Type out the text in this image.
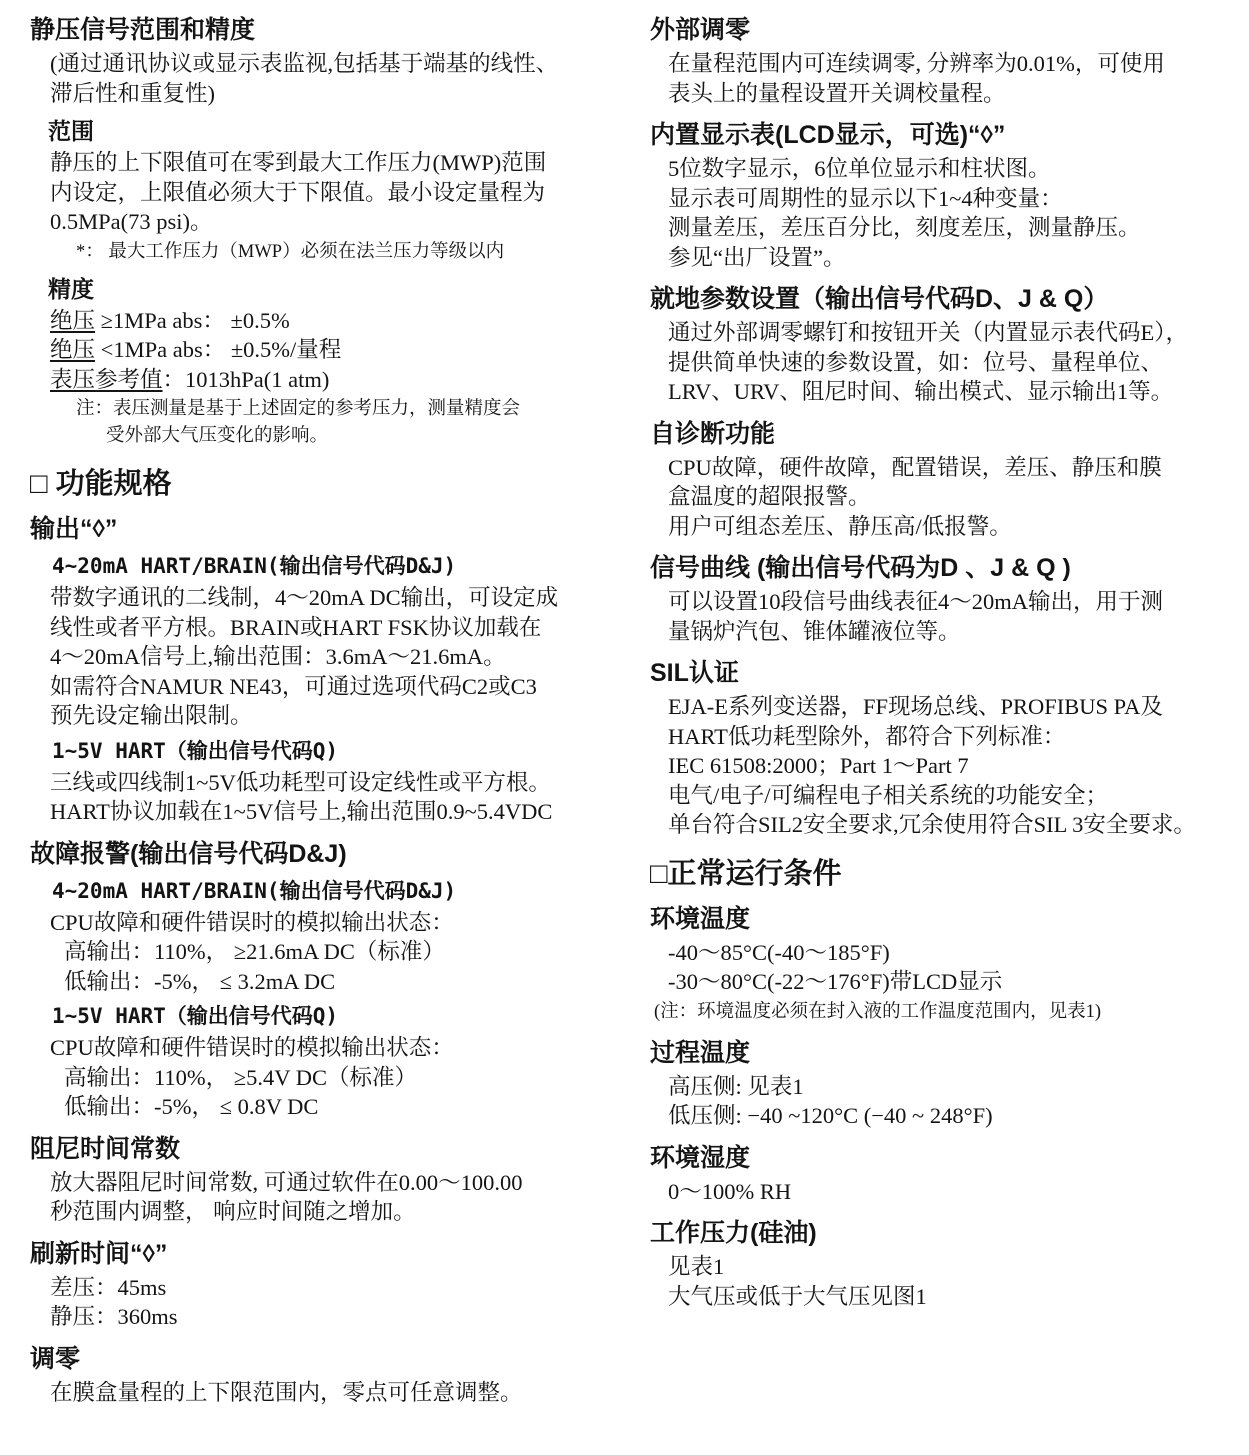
静压信号范围和精度
(通过通讯协议或显示表监视,包括基于端基的线性、
滞后性和重复性)
范围
静压的上下限值可在零到最大工作压力(MWP)范围
内设定，上限值必须大于下限值。最小设定量程为
0.5MPa(73 psi)。
*： 最大工作压力（MWP）必须在法兰压力等级以内
精度
绝压 ≥1MPa abs： ±0.5%
绝压 <1MPa abs： ±0.5%/量程
表压参考值：1013hPa(1 atm)
注：表压测量是基于上述固定的参考压力，测量精度会
受外部大气压变化的影响。
□ 功能规格
输出“◊”
4~20mA HART/BRAIN(输出信号代码D&J)
带数字通讯的二线制，4～20mA DC输出，可设定成
线性或者平方根。BRAIN或HART FSK协议加载在
4～20mA信号上,输出范围：3.6mA～21.6mA。
如需符合NAMUR NE43，可通过选项代码C2或C3
预先设定输出限制。
1~5V HART（输出信号代码Q)
三线或四线制1~5V低功耗型可设定线性或平方根。
HART协议加载在1~5V信号上,输出范围0.9~5.4VDC
故障报警(输出信号代码D&J)
4~20mA HART/BRAIN(输出信号代码D&J)
CPU故障和硬件错误时的模拟输出状态：
高输出：110%， ≥21.6mA DC（标准）
低输出：-5%， ≤ 3.2mA DC
1~5V HART（输出信号代码Q)
CPU故障和硬件错误时的模拟输出状态：
高输出：110%， ≥5.4V DC（标准）
低输出：-5%， ≤ 0.8V DC
阻尼时间常数
放大器阻尼时间常数, 可通过软件在0.00～100.00
秒范围内调整， 响应时间随之增加。
刷新时间“◊”
差压：45ms
静压：360ms
调零
在膜盒量程的上下限范围内，零点可任意调整。
外部调零
在量程范围内可连续调零, 分辨率为0.01%，可使用
表头上的量程设置开关调校量程。
内置显示表(LCD显示，可选)“◊”
5位数字显示，6位单位显示和柱状图。
显示表可周期性的显示以下1~4种变量：
测量差压，差压百分比，刻度差压，测量静压。
参见“出厂设置”。
就地参数设置（输出信号代码D、J & Q）
通过外部调零螺钉和按钮开关（内置显示表代码E），
提供简单快速的参数设置，如：位号、量程单位、
LRV、URV、阻尼时间、输出模式、显示输出1等。
自诊断功能
CPU故障，硬件故障，配置错误，差压、静压和膜
盒温度的超限报警。
用户可组态差压、静压高/低报警。
信号曲线 (输出信号代码为D 、J & Q )
可以设置10段信号曲线表征4～20mA输出，用于测
量锅炉汽包、锥体罐液位等。
SIL认证
EJA-E系列变送器，FF现场总线、PROFIBUS PA及
HART低功耗型除外，都符合下列标准：
IEC 61508:2000；Part 1～Part 7
电气/电子/可编程电子相关系统的功能安全；
单台符合SIL2安全要求,冗余使用符合SIL 3安全要求。
□正常运行条件
环境温度
-40～85°C(-40～185°F)
-30～80°C(-22～176°F)带LCD显示
(注：环境温度必须在封入液的工作温度范围内，见表1)
过程温度
高压侧: 见表1
低压侧: −40 ~120°C (−40 ~ 248°F)
环境湿度
0～100% RH
工作压力(硅油)
见表1
大气压或低于大气压见图1
